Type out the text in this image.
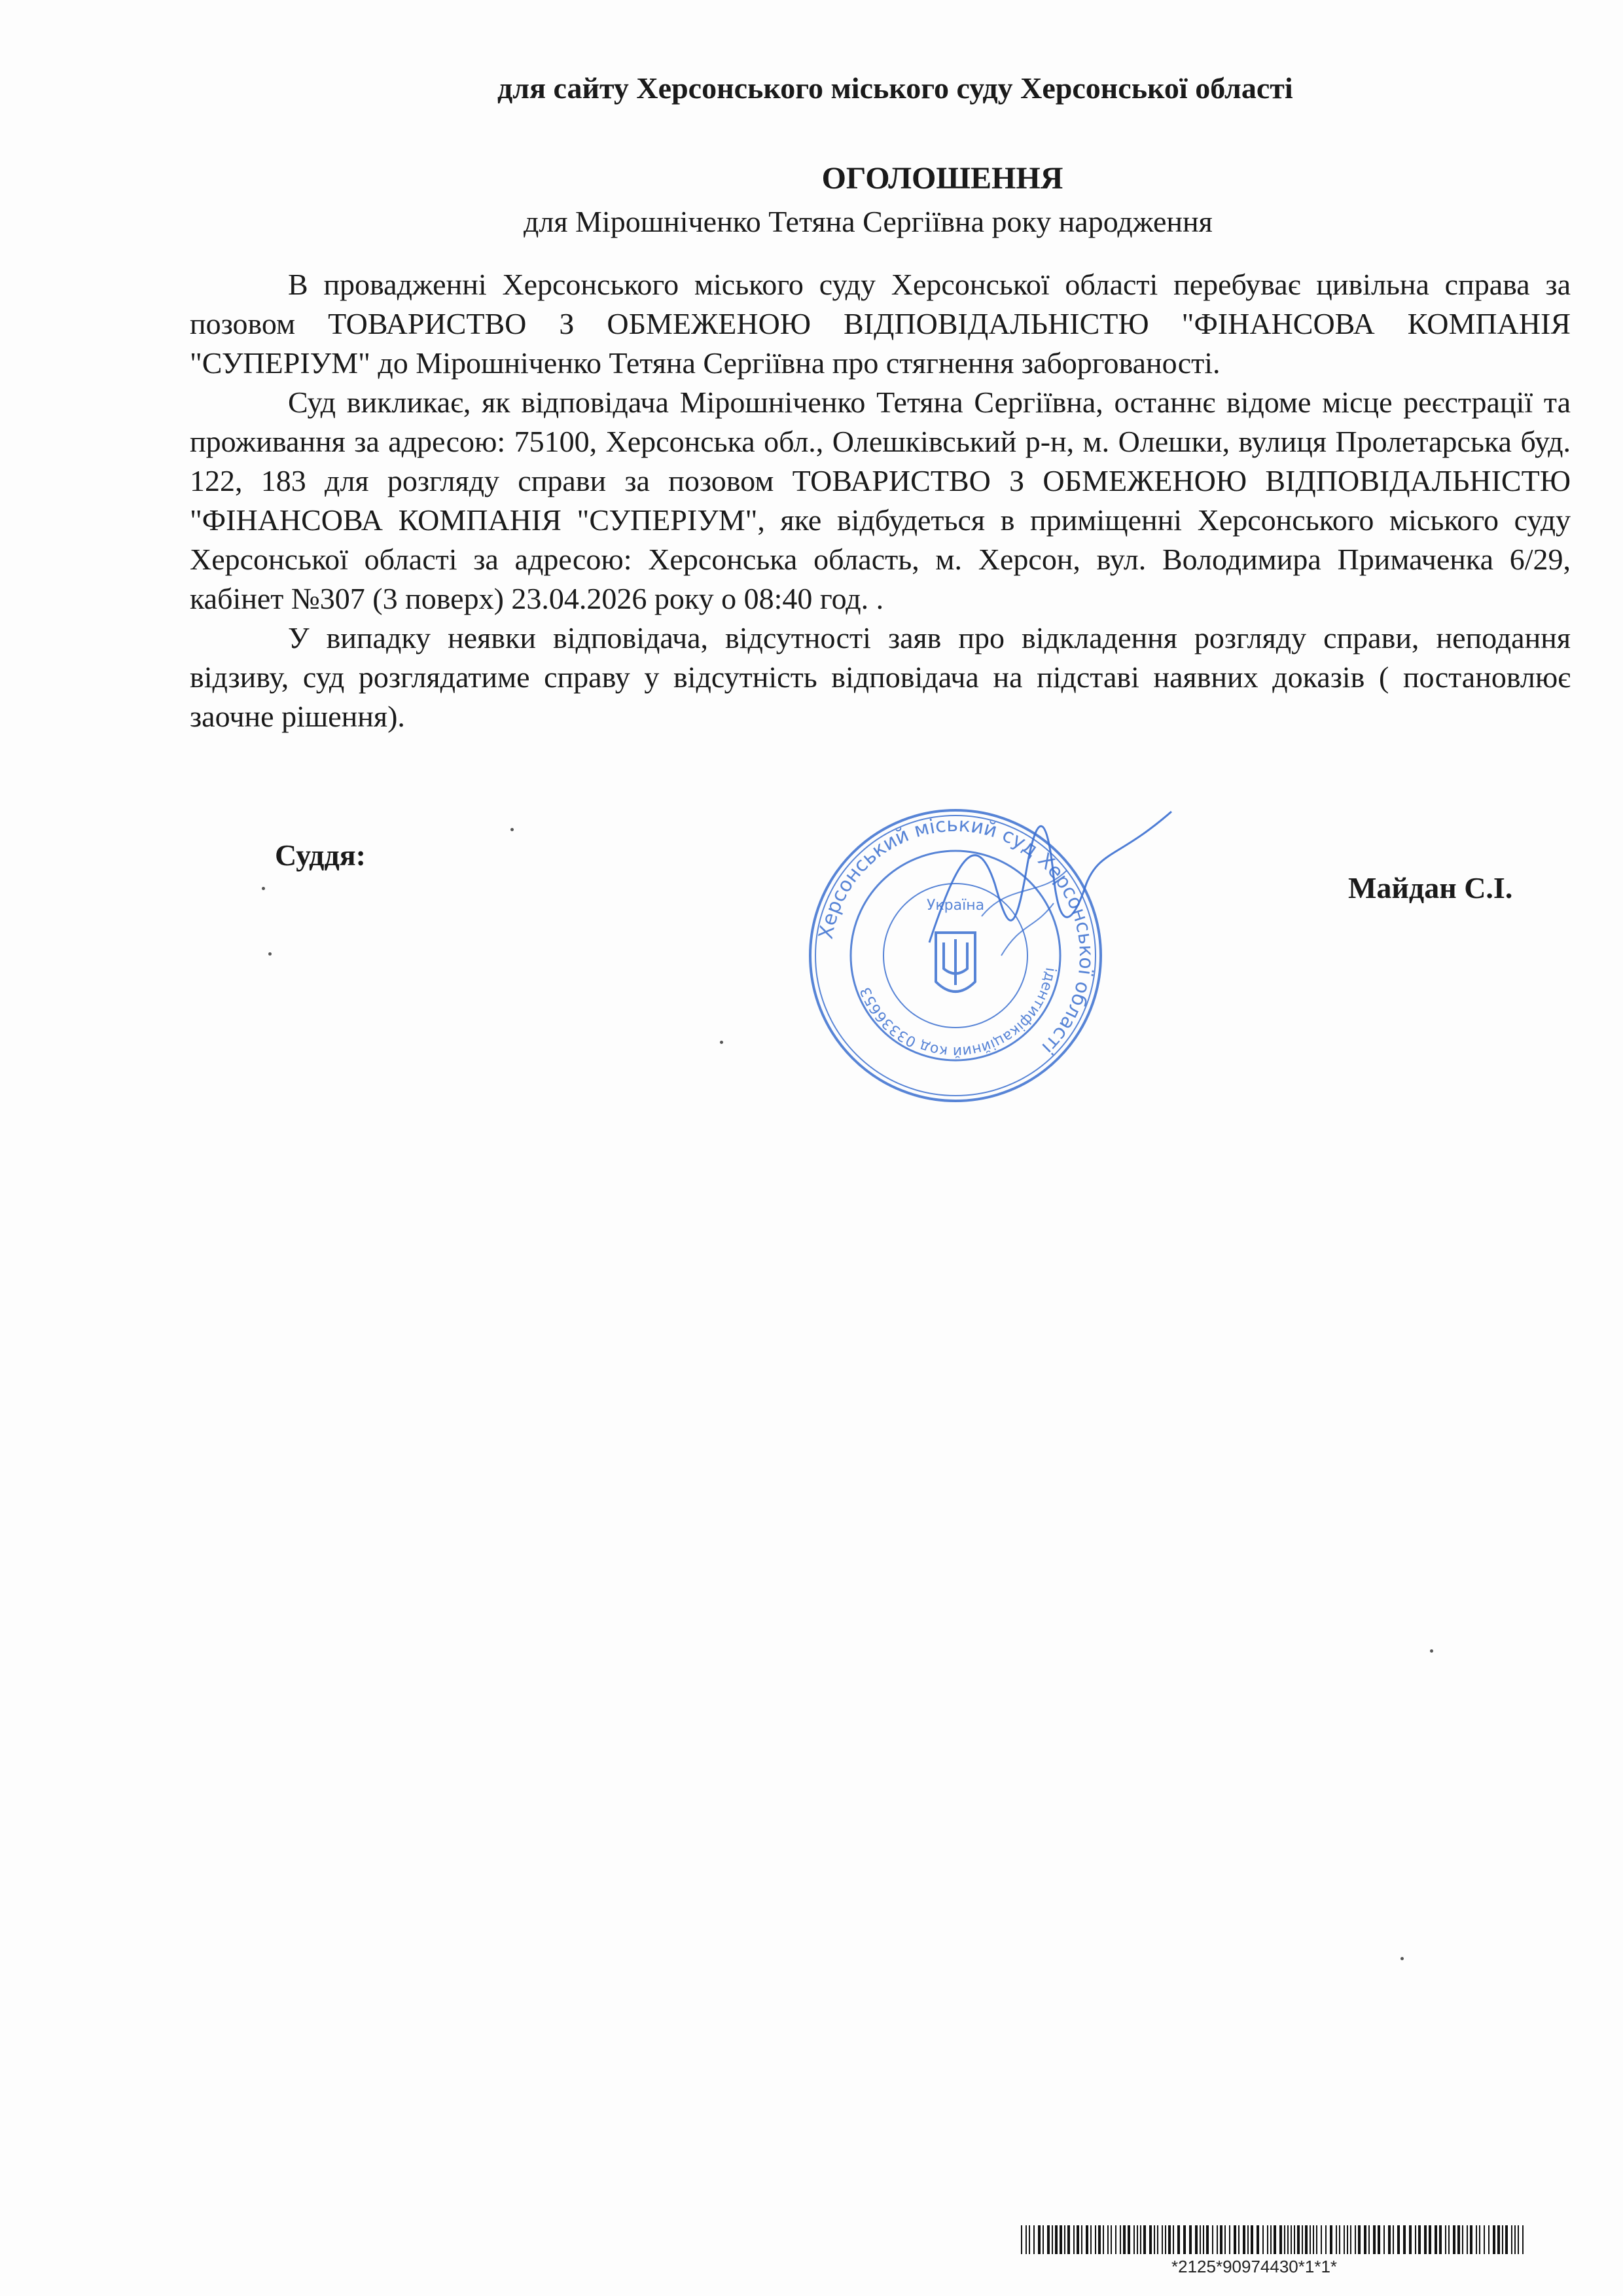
для сайту Херсонського міського суду Херсонської області
ОГОЛОШЕННЯ
для Мірошніченко Тетяна Сергіївна року народження

В провадженні Херсонського міського суду Херсонської області перебуває цивільна справа за позовом ТОВАРИСТВО З ОБМЕЖЕНОЮ ВІДПОВІДАЛЬНІСТЮ "ФІНАНСОВА КОМПАНІЯ "СУПЕРІУМ" до Мірошніченко Тетяна Сергіївна про стягнення заборгованості.

Суд викликає, як відповідача Мірошніченко Тетяна Сергіївна, останнє відоме місце реєстрації та проживання за адресою: 75100, Херсонська обл., Олешківський р-н, м. Олешки, вулиця Пролетарська буд. 122, 183 для розгляду справи за позовом ТОВАРИСТВО З ОБМЕЖЕНОЮ ВІДПОВІДАЛЬНІСТЮ "ФІНАНСОВА КОМПАНІЯ "СУПЕРІУМ", яке відбудеться в приміщенні Херсонського міського суду Херсонської області за адресою: Херсонська область, м. Херсон, вул. Володимира Примаченка 6/29, кабінет №307 (3 поверх) 23.04.2026 року о 08:40 год. .

У випадку неявки відповідача, відсутності заяв про відкладення розгляду справи, неподання відзиву, суд розглядатиме справу у відсутність відповідача на підставі наявних доказів ( постановлює заочне рішення).

Суддя:
Херсонський міський суд Херсонської області
ідентифікаційний код 03336653
Україна
Майдан С.І.
*2125*90974430*1*1*
